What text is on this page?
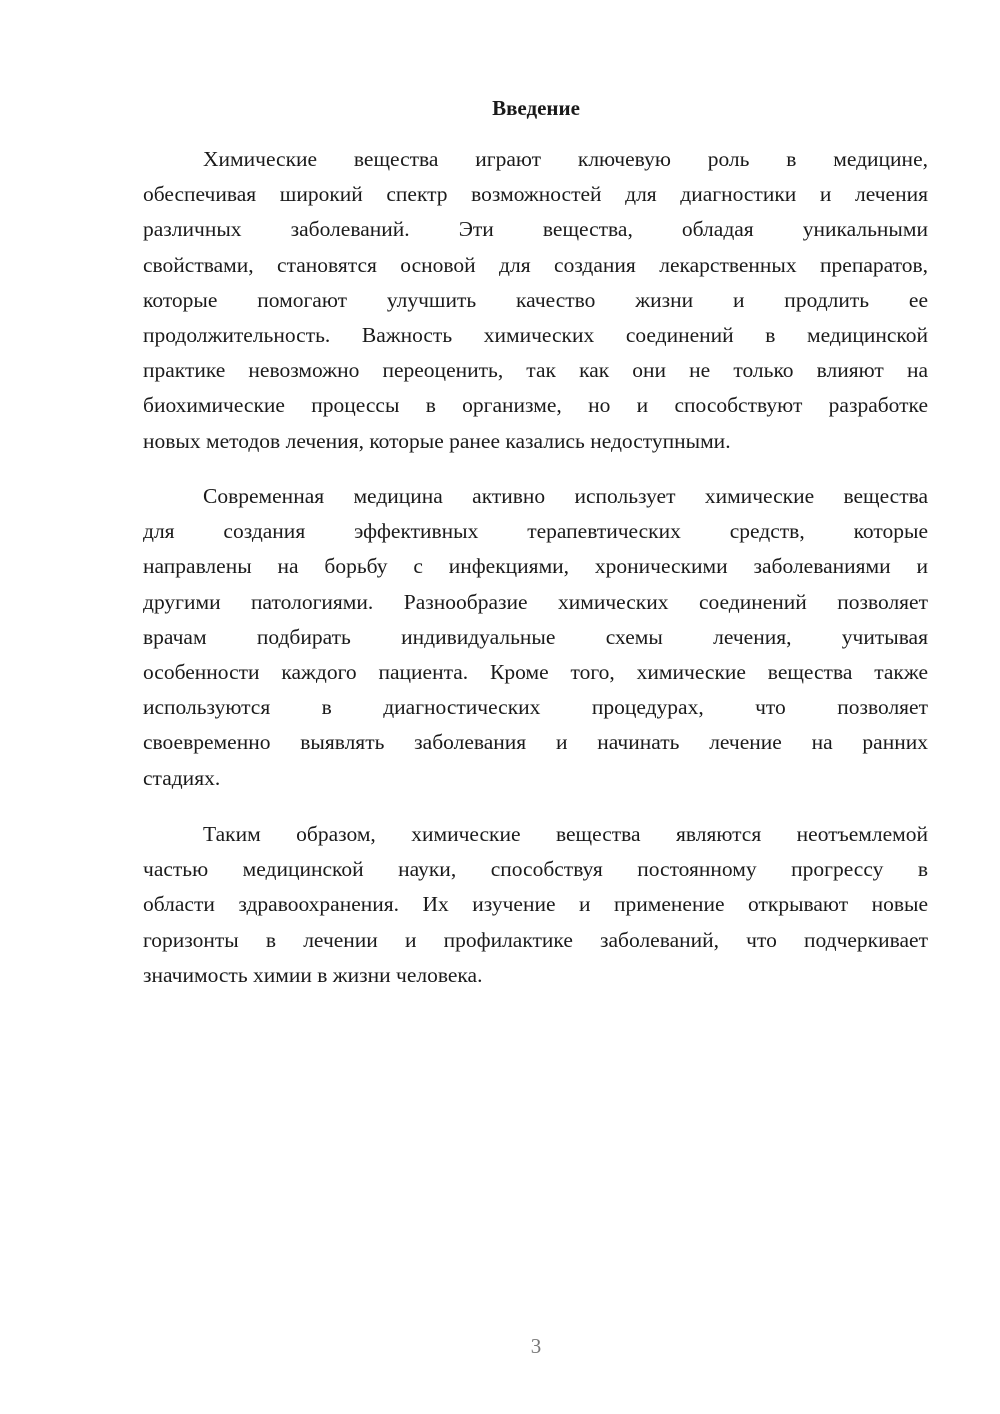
Введение
Химические вещества играют ключевую роль в медицине,
обеспечивая широкий спектр возможностей для диагностики и лечения
различных заболеваний. Эти вещества, обладая уникальными
свойствами, становятся основой для создания лекарственных препаратов,
которые помогают улучшить качество жизни и продлить ее
продолжительность. Важность химических соединений в медицинской
практике невозможно переоценить, так как они не только влияют на
биохимические процессы в организме, но и способствуют разработке
новых методов лечения, которые ранее казались недоступными.
Современная медицина активно использует химические вещества
для создания эффективных терапевтических средств, которые
направлены на борьбу с инфекциями, хроническими заболеваниями и
другими патологиями. Разнообразие химических соединений позволяет
врачам подбирать индивидуальные схемы лечения, учитывая
особенности каждого пациента. Кроме того, химические вещества также
используются в диагностических процедурах, что позволяет
своевременно выявлять заболевания и начинать лечение на ранних
стадиях.
Таким образом, химические вещества являются неотъемлемой
частью медицинской науки, способствуя постоянному прогрессу в
области здравоохранения. Их изучение и применение открывают новые
горизонты в лечении и профилактике заболеваний, что подчеркивает
значимость химии в жизни человека.
3
